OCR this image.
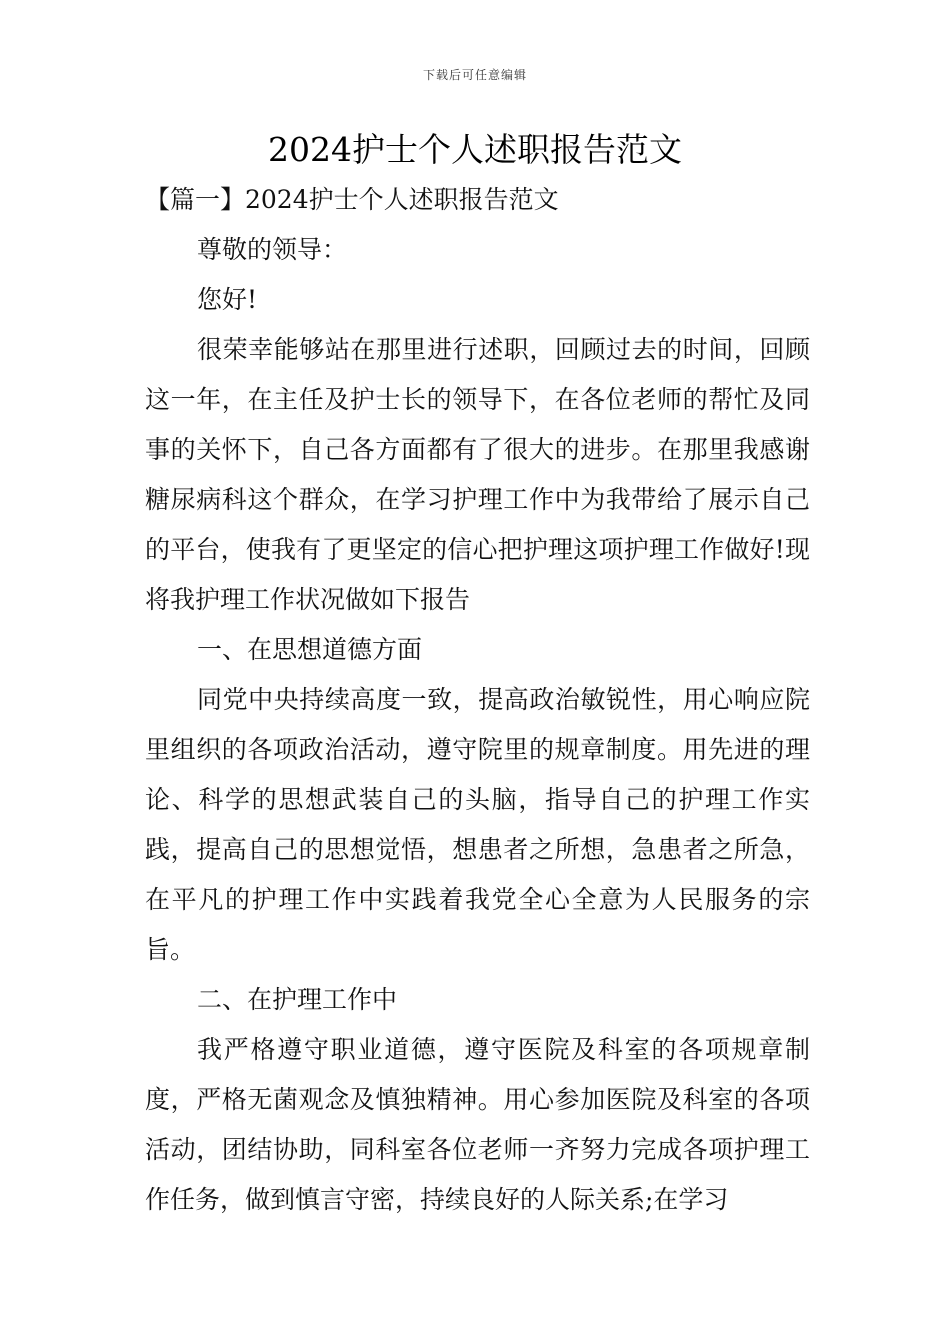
下载后可任意编辑
2024护士个人述职报告范文

【篇一】2024护士个人述职报告范文

尊敬的领导：

您好!

很荣幸能够站在那里进行述职，回顾过去的时间，回顾这一年，在主任及护士长的领导下，在各位老师的帮忙及同事的关怀下，自己各方面都有了很大的进步。在那里我感谢糖尿病科这个群众，在学习护理工作中为我带给了展示自己的平台，使我有了更坚定的信心把护理这项护理工作做好!现将我护理工作状况做如下报告

一、在思想道德方面

同党中央持续高度一致，提高政治敏锐性，用心响应院里组织的各项政治活动，遵守院里的规章制度。用先进的理论、科学的思想武装自己的头脑，指导自己的护理工作实践，提高自己的思想觉悟，想患者之所想，急患者之所急，在平凡的护理工作中实践着我党全心全意为人民服务的宗旨。

二、在护理工作中

我严格遵守职业道德，遵守医院及科室的各项规章制度，严格无菌观念及慎独精神。用心参加医院及科室的各项活动，团结协助，同科室各位老师一齐努力完成各项护理工作任务，做到慎言守密，持续良好的人际关系;在学习
